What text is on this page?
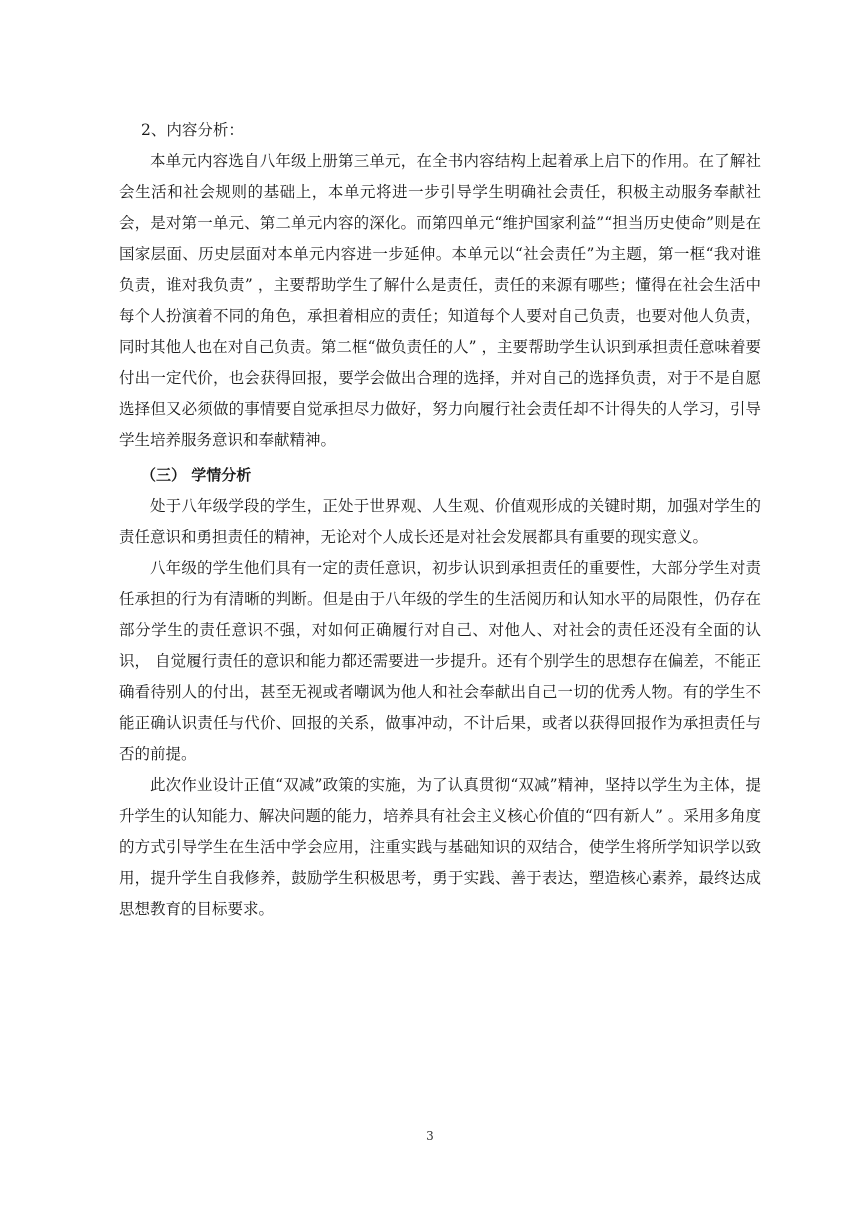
2、内容分析：

本单元内容选自八年级上册第三单元，在全书内容结构上起着承上启下的作用。在了解社会生活和社会规则的基础上，本单元将进一步引导学生明确社会责任，积极主动服务奉献社会，是对第一单元、第二单元内容的深化。而第四单元“维护国家利益”“担当历史使命”则是在国家层面、历史层面对本单元内容进一步延伸。本单元以“社会责任”为主题，第一框“我对谁负责，谁对我负责” ，主要帮助学生了解什么是责任，责任的来源有哪些；懂得在社会生活中每个人扮演着不同的角色，承担着相应的责任；知道每个人要对自己负责，也要对他人负责，同时其他人也在对自己负责。第二框“做负责任的人” ，主要帮助学生认识到承担责任意味着要付出一定代价，也会获得回报，要学会做出合理的选择，并对自己的选择负责，对于不是自愿选择但又必须做的事情要自觉承担尽力做好，努力向履行社会责任却不计得失的人学习，引导学生培养服务意识和奉献精神。

（三） 学情分析

处于八年级学段的学生，正处于世界观、人生观、价值观形成的关键时期，加强对学生的责任意识和勇担责任的精神，无论对个人成长还是对社会发展都具有重要的现实意义。

八年级的学生他们具有一定的责任意识，初步认识到承担责任的重要性，大部分学生对责任承担的行为有清晰的判断。但是由于八年级的学生的生活阅历和认知水平的局限性，仍存在部分学生的责任意识不强，对如何正确履行对自己、对他人、对社会的责任还没有全面的认识， 自觉履行责任的意识和能力都还需要进一步提升。还有个别学生的思想存在偏差，不能正确看待别人的付出，甚至无视或者嘲讽为他人和社会奉献出自己一切的优秀人物。有的学生不能正确认识责任与代价、回报的关系，做事冲动，不计后果，或者以获得回报作为承担责任与否的前提。

此次作业设计正值“双减”政策的实施，为了认真贯彻“双减”精神，坚持以学生为主体，提升学生的认知能力、解决问题的能力，培养具有社会主义核心价值的“四有新人” 。采用多角度的方式引导学生在生活中学会应用，注重实践与基础知识的双结合，使学生将所学知识学以致用，提升学生自我修养，鼓励学生积极思考，勇于实践、善于表达，塑造核心素养，最终达成思想教育的目标要求。

3
